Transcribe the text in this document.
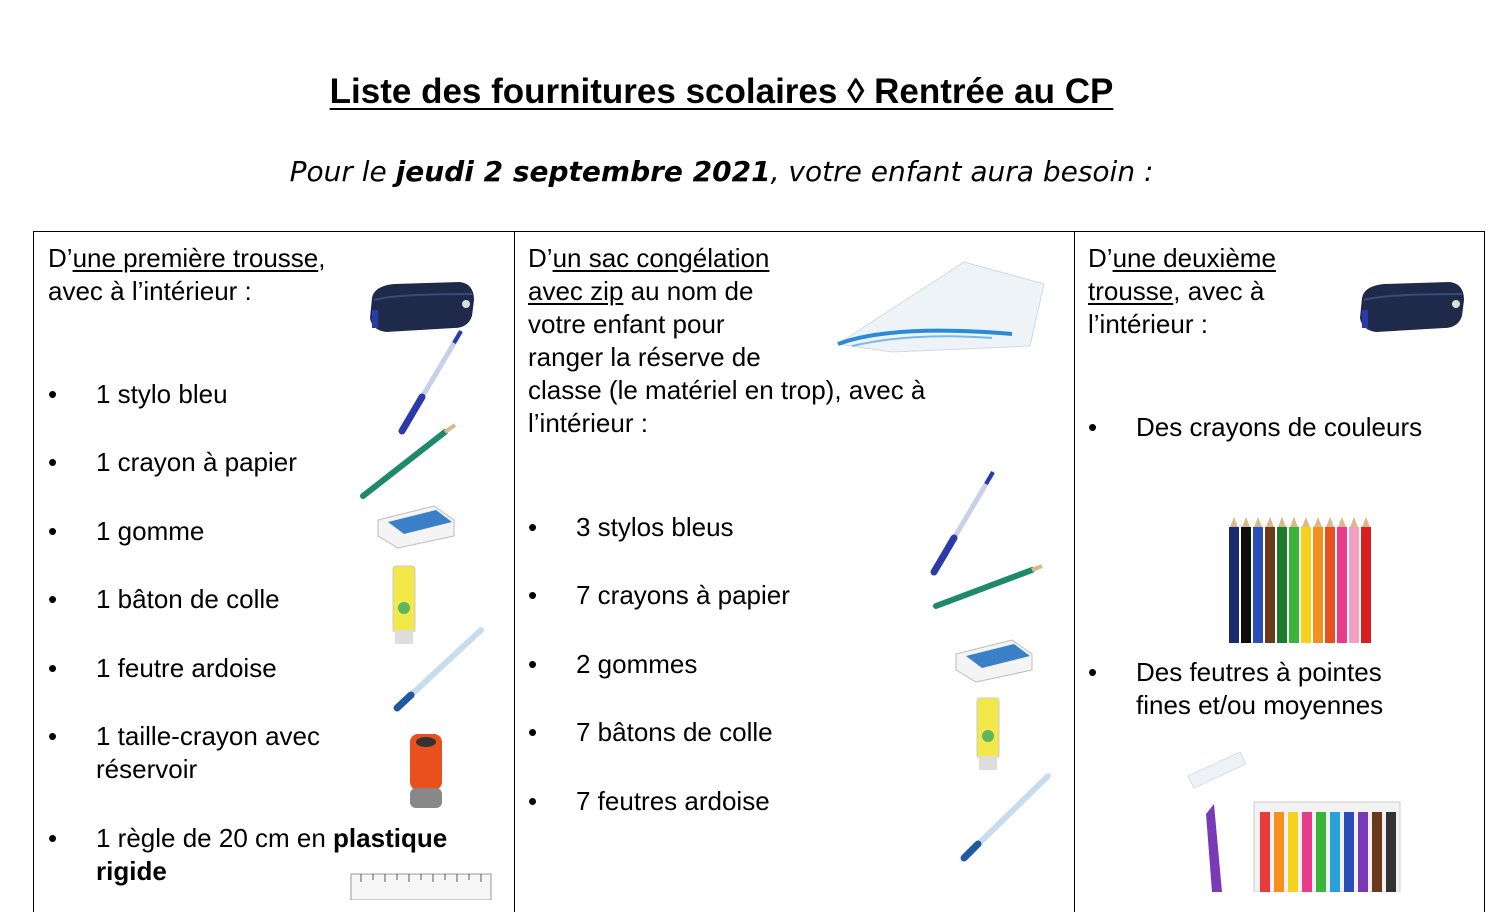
Liste des fournitures scolaires ◊ Rentrée au CP
Pour le jeudi 2 septembre 2021, votre enfant aura besoin :
D’une première trousse,
avec à l’intérieur :
• 1 stylo bleu
• 1 crayon à papier
• 1 gomme
• 1 bâton de colle
• 1 feutre ardoise
• 1 taille-crayon avec
réservoir
• 1 règle de 20 cm en plastique
rigide
D’un sac congélation
avec zip au nom de
votre enfant pour
ranger la réserve de
classe (le matériel en trop), avec à
l’intérieur :
• 3 stylos bleus
• 7 crayons à papier
• 2 gommes
• 7 bâtons de colle
• 7 feutres ardoise
D’une deuxième
trousse, avec à
l’intérieur :
• Des crayons de couleurs
• Des feutres à pointes
fines et/ou moyennes
